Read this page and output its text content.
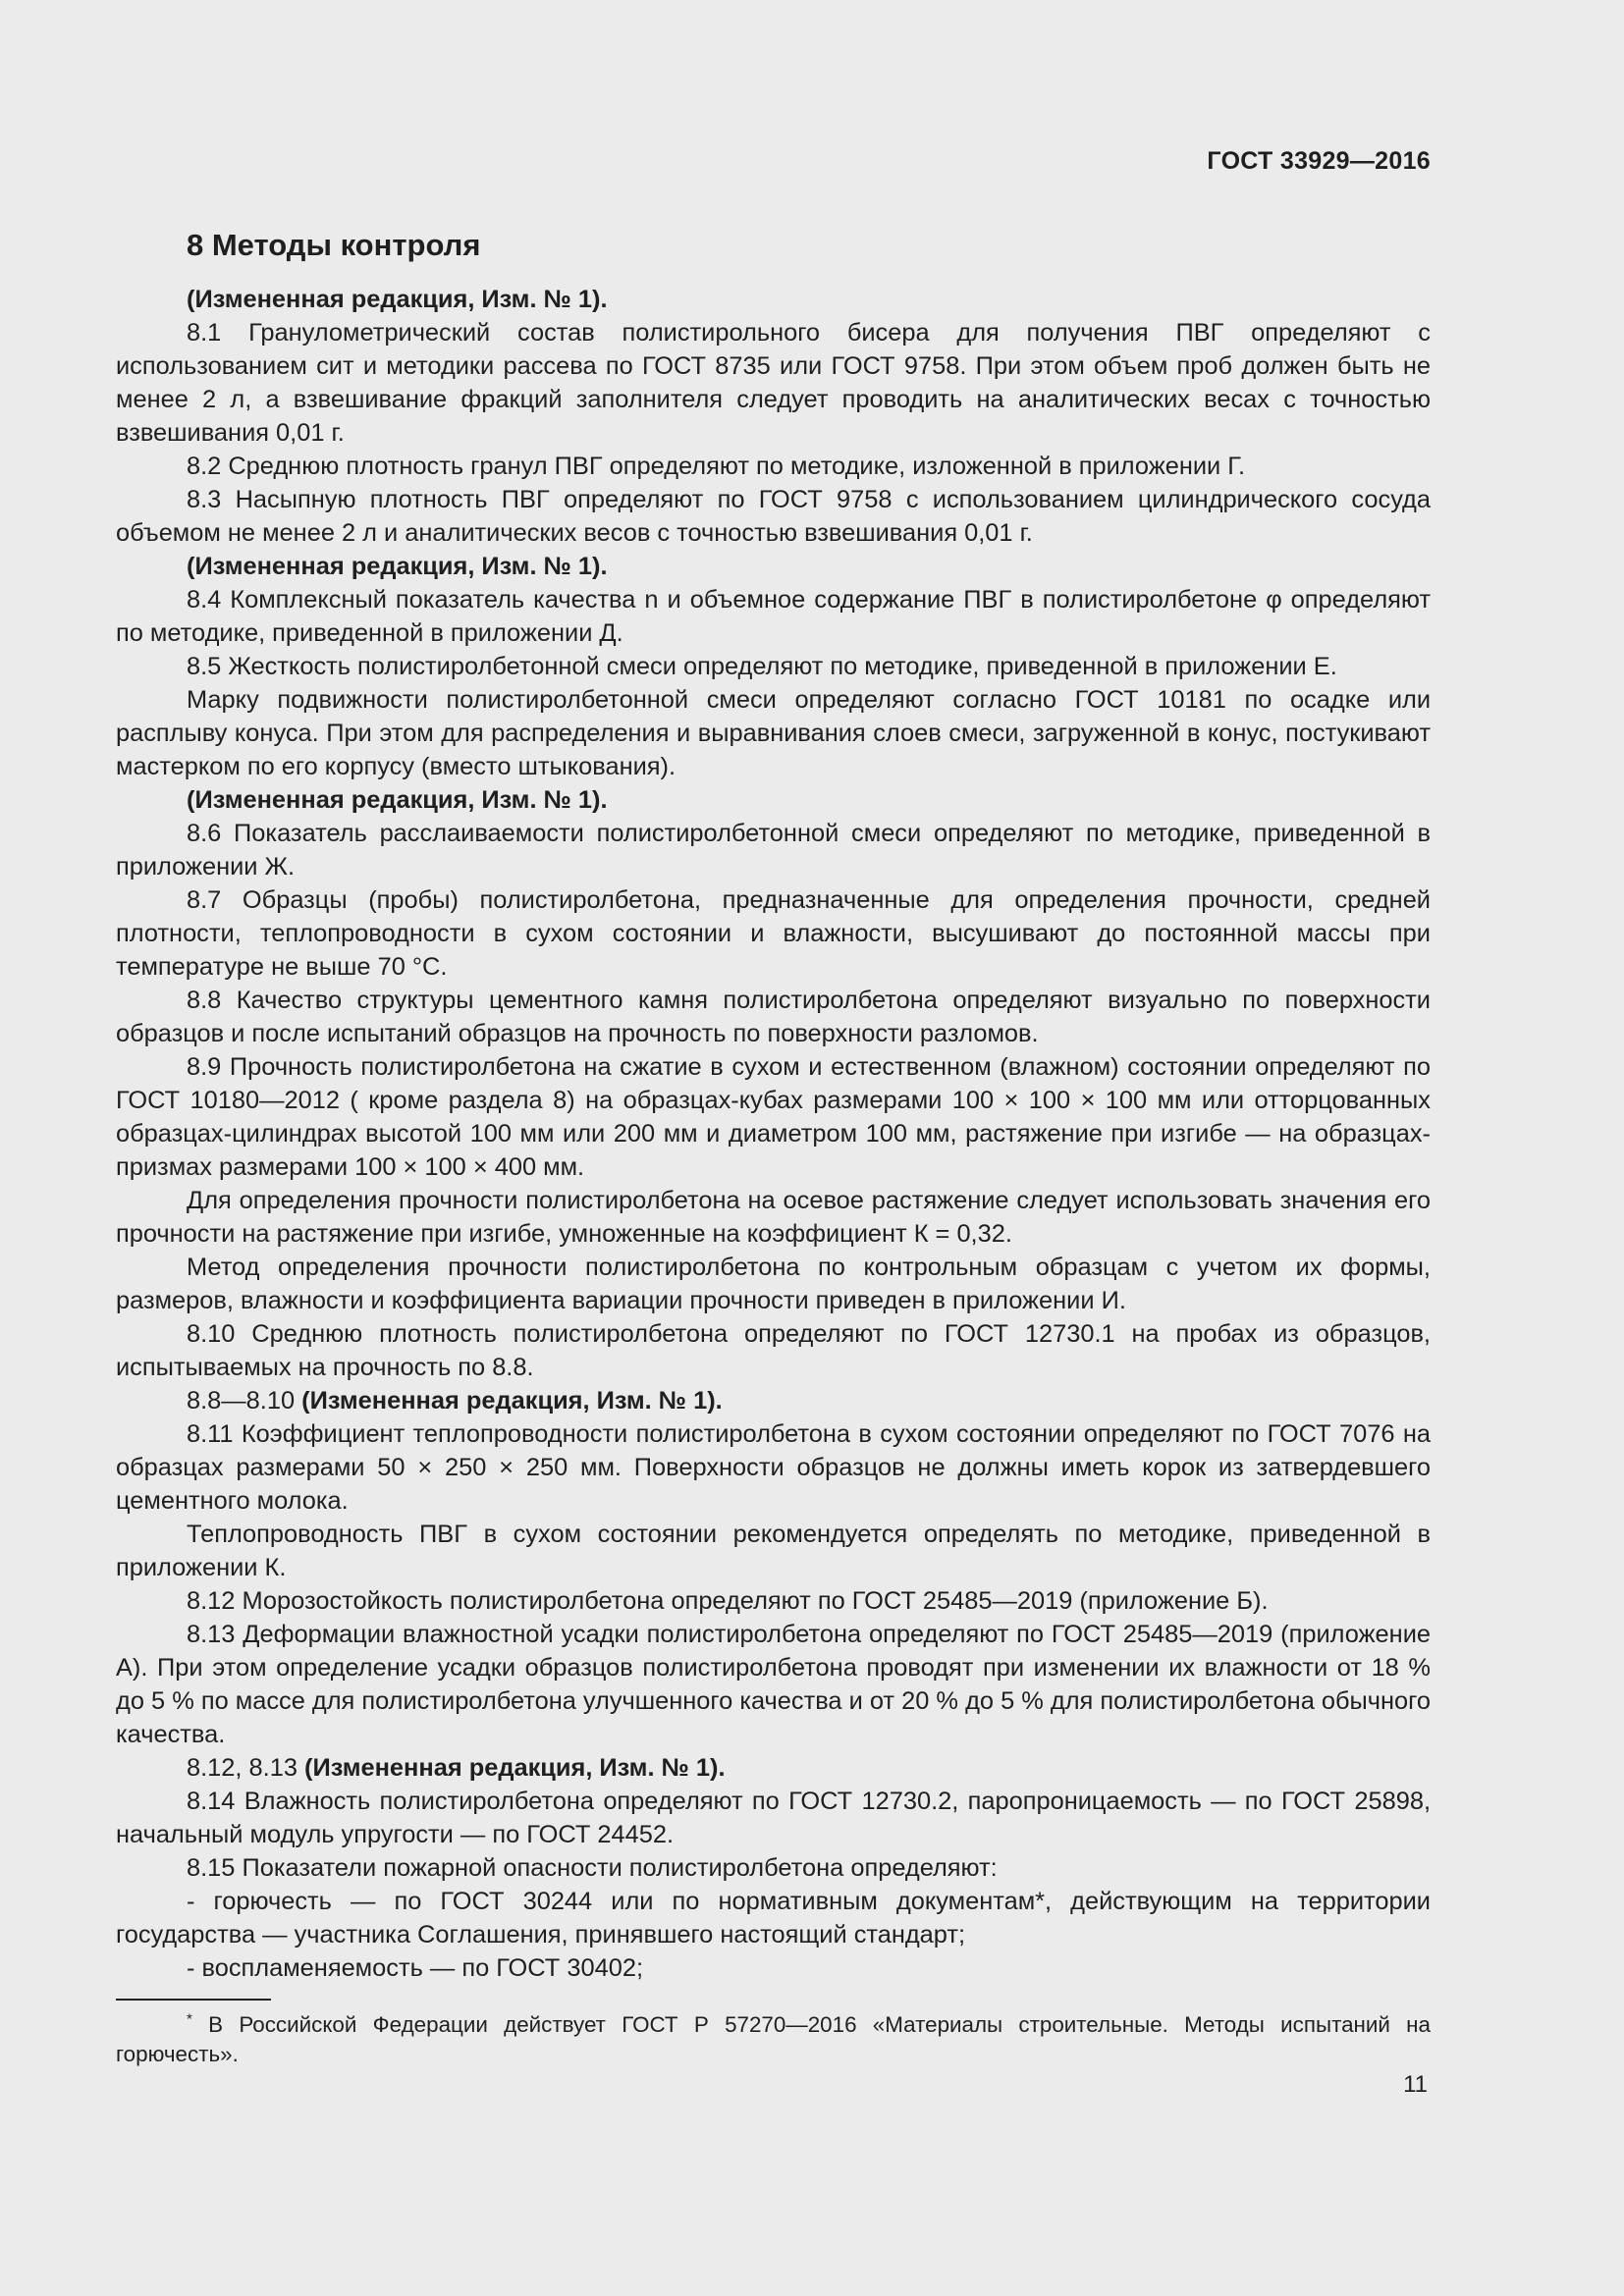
ГОСТ 33929—2016
8 Методы контроля
(Измененная редакция, Изм. № 1).
8.1 Гранулометрический состав полистирольного бисера для получения ПВГ определяют с использованием сит и методики рассева по ГОСТ 8735 или ГОСТ 9758. При этом объем проб должен быть не менее 2 л, а взвешивание фракций заполнителя следует проводить на аналитических весах с точностью взвешивания 0,01 г.
8.2 Среднюю плотность гранул ПВГ определяют по методике, изложенной в приложении Г.
8.3 Насыпную плотность ПВГ определяют по ГОСТ 9758 с использованием цилиндрического сосуда объемом не менее 2 л и аналитических весов с точностью взвешивания 0,01 г.
(Измененная редакция, Изм. № 1).
8.4 Комплексный показатель качества n и объемное содержание ПВГ в полистиролбетоне φ определяют по методике, приведенной в приложении Д.
8.5 Жесткость полистиролбетонной смеси определяют по методике, приведенной в приложении Е.
Марку подвижности полистиролбетонной смеси определяют согласно ГОСТ 10181 по осадке или расплыву конуса. При этом для распределения и выравнивания слоев смеси, загруженной в конус, постукивают мастерком по его корпусу (вместо штыкования).
(Измененная редакция, Изм. № 1).
8.6 Показатель расслаиваемости полистиролбетонной смеси определяют по методике, приведенной в приложении Ж.
8.7 Образцы (пробы) полистиролбетона, предназначенные для определения прочности, средней плотности, теплопроводности в сухом состоянии и влажности, высушивают до постоянной массы при температуре не выше 70 °C.
8.8 Качество структуры цементного камня полистиролбетона определяют визуально по поверхности образцов и после испытаний образцов на прочность по поверхности разломов.
8.9 Прочность полистиролбетона на сжатие в сухом и естественном (влажном) состоянии определяют по ГОСТ 10180—2012 ( кроме раздела 8) на образцах-кубах размерами 100 × 100 × 100 мм или отторцованных образцах-цилиндрах высотой 100 мм или 200 мм и диаметром 100 мм, растяжение при изгибе — на образцах-призмах размерами 100 × 100 × 400 мм.
Для определения прочности полистиролбетона на осевое растяжение следует использовать значения его прочности на растяжение при изгибе, умноженные на коэффициент К = 0,32.
Метод определения прочности полистиролбетона по контрольным образцам с учетом их формы, размеров, влажности и коэффициента вариации прочности приведен в приложении И.
8.10 Среднюю плотность полистиролбетона определяют по ГОСТ 12730.1 на пробах из образцов, испытываемых на прочность по 8.8.
8.8—8.10 (Измененная редакция, Изм. № 1).
8.11 Коэффициент теплопроводности полистиролбетона в сухом состоянии определяют по ГОСТ 7076 на образцах размерами 50 × 250 × 250 мм. Поверхности образцов не должны иметь корок из затвердевшего цементного молока.
Теплопроводность ПВГ в сухом состоянии рекомендуется определять по методике, приведенной в приложении К.
8.12 Морозостойкость полистиролбетона определяют по ГОСТ 25485—2019 (приложение Б).
8.13 Деформации влажностной усадки полистиролбетона определяют по ГОСТ 25485—2019 (приложение А). При этом определение усадки образцов полистиролбетона проводят при изменении их влажности от 18 % до 5 % по массе для полистиролбетона улучшенного качества и от 20 % до 5 % для полистиролбетона обычного качества.
8.12, 8.13 (Измененная редакция, Изм. № 1).
8.14 Влажность полистиролбетона определяют по ГОСТ 12730.2, паропроницаемость — по ГОСТ 25898, начальный модуль упругости — по ГОСТ 24452.
8.15 Показатели пожарной опасности полистиролбетона определяют:
- горючесть — по ГОСТ 30244 или по нормативным документам*, действующим на территории государства — участника Соглашения, принявшего настоящий стандарт;
- воспламеняемость — по ГОСТ 30402;
* В Российской Федерации действует ГОСТ Р 57270—2016 «Материалы строительные. Методы испытаний на горючесть».
11
